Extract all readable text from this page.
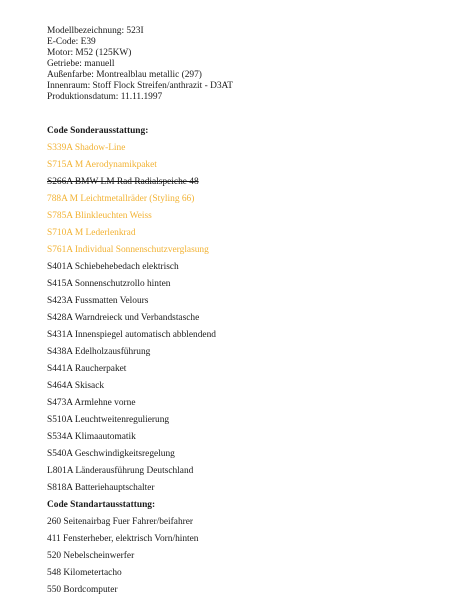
Modellbezeichnung: 523I
E-Code: E39
Motor: M52 (125KW)
Getriebe: manuell
Außenfarbe: Montrealblau metallic (297)
Innenraum: Stoff Flock Streifen/anthrazit - D3AT
Produktionsdatum: 11.11.1997
Code Sonderausstattung:
S339A Shadow-Line
S715A M Aerodynamikpaket
S266A BMW LM Rad Radialspeiche 48
788A M Leichtmetallräder (Styling 66)
S785A Blinkleuchten Weiss
S710A M Lederlenkrad
S761A Individual Sonnenschutzverglasung
S401A Schiebehebedach elektrisch
S415A Sonnenschutzrollo hinten
S423A Fussmatten Velours
S428A Warndreieck und Verbandstasche
S431A Innenspiegel automatisch abblendend
S438A Edelholzausführung
S441A Raucherpaket
S464A Skisack
S473A Armlehne vorne
S510A Leuchtweitenregulierung
S534A Klimaautomatik
S540A Geschwindigkeitsregelung
L801A Länderausführung Deutschland
S818A Batteriehauptschalter
Code Standartausstattung:
260 Seitenairbag Fuer Fahrer/beifahrer
411 Fensterheber, elektrisch Vorn/hinten
520 Nebelscheinwerfer
548 Kilometertacho
550 Bordcomputer
